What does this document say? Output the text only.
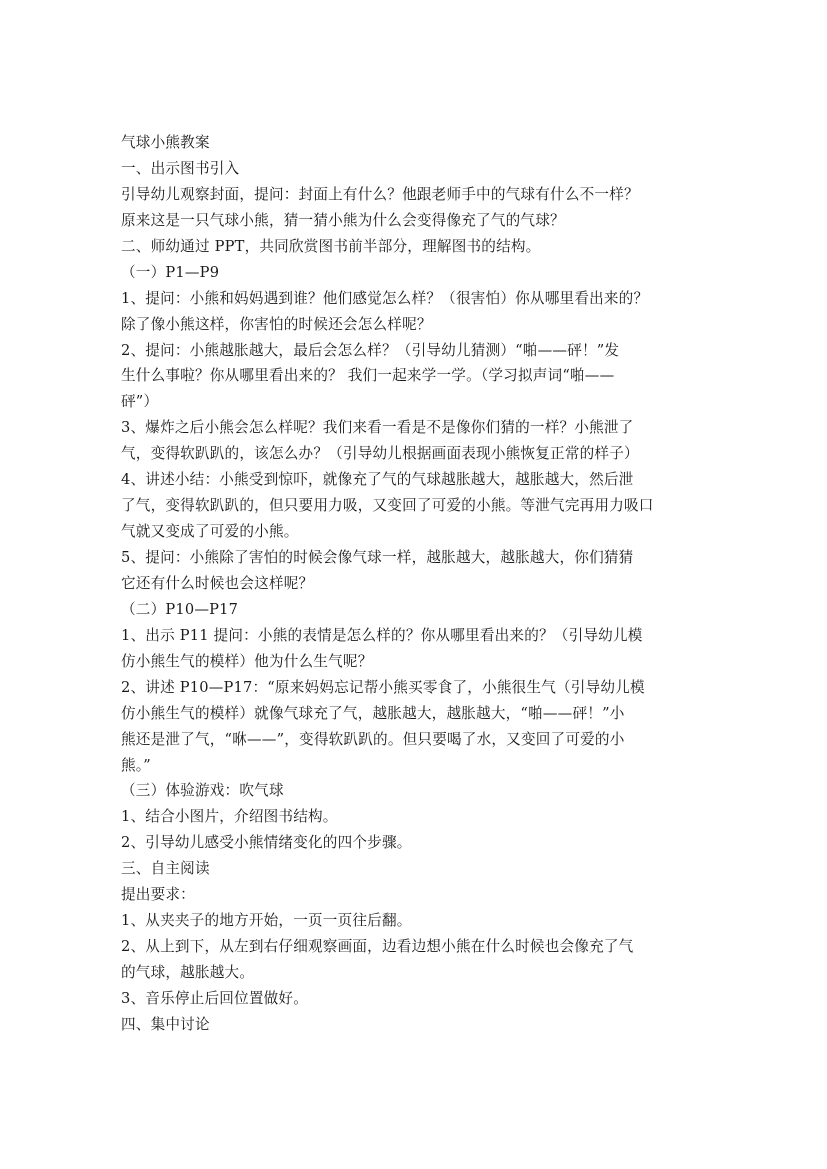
气球小熊教案
一、出示图书引入
引导幼儿观察封面，提问：封面上有什么？他跟老师手中的气球有什么不一样？
原来这是一只气球小熊，猜一猜小熊为什么会变得像充了气的气球？
二、师幼通过 PPT，共同欣赏图书前半部分，理解图书的结构。
（一）P1—P9
1、提问：小熊和妈妈遇到谁？他们感觉怎么样？（很害怕）你从哪里看出来的？
除了像小熊这样，你害怕的时候还会怎么样呢？
2、提问：小熊越胀越大，最后会怎么样？（引导幼儿猜测）“啪——砰！”发
生什么事啦？你从哪里看出来的？ 我们一起来学一学。（学习拟声词“啪——
砰”）
3、爆炸之后小熊会怎么样呢？我们来看一看是不是像你们猜的一样？小熊泄了
气，变得软趴趴的，该怎么办？（引导幼儿根据画面表现小熊恢复正常的样子）
4、讲述小结：小熊受到惊吓，就像充了气的气球越胀越大，越胀越大，然后泄
了气，变得软趴趴的，但只要用力吸，又变回了可爱的小熊。等泄气完再用力吸口
气就又变成了可爱的小熊。
5、提问：小熊除了害怕的时候会像气球一样，越胀越大，越胀越大，你们猜猜
它还有什么时候也会这样呢？
（二）P10—P17
1、出示 P11 提问：小熊的表情是怎么样的？你从哪里看出来的？（引导幼儿模
仿小熊生气的模样）他为什么生气呢？
2、讲述 P10—P17：“原来妈妈忘记帮小熊买零食了，小熊很生气（引导幼儿模
仿小熊生气的模样）就像气球充了气，越胀越大，越胀越大，“啪——砰！”小
熊还是泄了气，“咻——”，变得软趴趴的。但只要喝了水，又变回了可爱的小
熊。”
（三）体验游戏：吹气球
1、结合小图片，介绍图书结构。
2、引导幼儿感受小熊情绪变化的四个步骤。
三、自主阅读
提出要求：
1、从夹夹子的地方开始，一页一页往后翻。
2、从上到下，从左到右仔细观察画面，边看边想小熊在什么时候也会像充了气
的气球，越胀越大。
3、音乐停止后回位置做好。
四、集中讨论
